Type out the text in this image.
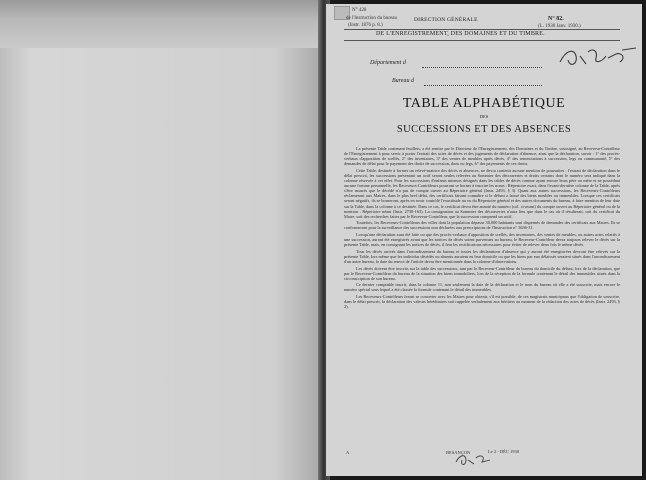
N° 428
de l'Instruction du bureau
(Instr. 1876 p. 8.)
DIRECTION GÉNÉRALE	N° 82.
(L. 1930 Janv. 1930.)
DE L'ENREGISTREMENT, DES DOMAINES ET DU TIMBRE.
Département d
Bureau d
TABLE ALPHABÉTIQUE
DES
SUCCESSIONS ET DES ABSENCES

La présente Table contenant feuillets, a été remise par le Directeur de l'Enregistrement, des Domaines et du Timbre, soussigné, au Receveur-Contrôleur de l'Enregistrement à pour servir à porter l'extrait des actes de décès et des jugements de déclaration d'absence, ainsi que la déclaration, savoir : 1° des procès-verbaux d'apposition de scellés, 2° des inventaires, 3° des ventes de meubles après décès, 4° des renonciations à succession, legs ou communauté, 5° des demandes de délai pour le payement des droits de succession, dons ou legs, 6° des payements de ces droits.

Cette Table, destinée à former un relevé-matrice des décès et absences, ne devra contenir aucune mention de poursuites ; l'extrait de déclaration dans le délai prescrit, les successions présentant un actif seront seules relevées au Sommier des découvertes et droits certains dont le numéro sera indiqué dans la colonne réservée à cet effet. Pour les successions d'enfants mineurs désignés dans les tables de décès comme ayant encore leurs père ou mère et ne possédant aucune fortune personnelle, les Receveurs-Contrôleurs pourront se borner à inscrire les noms : Répertoire exact, dans l'avant-dernière colonne de la Table, après s'être assurés que le décédé n'a pas de compte ouvert au Répertoire général (Instr. 2493, § 3). Quant aux autres successions, les Receveurs-Contrôleurs réclameront aux Maires, dans le plus bref délai, des certificats faisant connaître si le défunt a laissé des biens meubles ou immeubles. Lorsque ces certificats seront négatifs, ils se borneront, après en avoir contrôlé l'exactitude au vu du Répertoire général et des autres documents du bureau, à faire mention de leur date sur la Table, dans la colonne à ce destinée. Dans ce cas, le certificat devra être annoté du numéro (col. ci-avant) du compte ouvert au Répertoire général ou de la mention : Répertoire néant (Instr. 2738-163). La consignation au Sommier des découvertes n'aura lieu que dans le cas où il résulterait, soit du certificat du Maire, soit des recherches faites par le Receveur-Contrôleur, que la succession comprend un actif.

Toutefois, les Receveurs-Contrôleurs des villes dont la population dépasse 30,000 habitants sont dispensés de demander des certificats aux Maires. Ils se conformeront pour la surveillance des successions non déclarées aux prescriptions de l'Instruction n° 3636-31.

Lorsqu'une déclaration aura été faite ou que des procès-verbaux d'apposition de scellés, des inventaires, des ventes de meubles, ou autres actes relatifs à une succession, auront été enregistrés avant que les notices de décès soient parvenues au bureau, le Receveur-Contrôleur devra toujours relever le décès sur la présente Table, mais, en consignant les notices de décès, il fera les rectifications nécessaires pour éviter de relever deux fois le même décès.

Tous les décès arrivés dans l'arrondissement du bureau et toutes les déclarations d'absence qui y auront été enregistrées devront être relevés sur la présente Table, lors même que les individus décédés ou absents auraient eu leur domicile ou que les biens par eux délaissés seraient situés dans l'arrondissement d'un autre bureau, la date du renvoi de l'article devra être mentionnée dans la colonne d'observations.

Les décès doivent être inscrits sur la table des successions, tant par le Receveur-Contrôleur du bureau du domicile du défunt, lors de la déclaration, que par le Receveur-Contrôleur du bureau de la situation des biens immobiliers, lors de la réception de la formule contenant le détail des immeubles situés dans la circonscription de son bureau.

Ce dernier comptable inscrit, dans la colonne 11, non seulement la date de la déclaration et le nom du bureau où elle a été souscrite, mais encore le numéro spécial sous lequel a été classée la formule contenant le détail des immeubles.

Les Receveurs-Contrôleurs feront se concerter avec les Maires pour obtenir, s'il est possible, de ces magistrats municipaux que l'obligation de souscrire, dans le délai prescrit, la déclaration des valeurs héréditaires soit rappelée verbalement aux héritiers au moment de la rédaction des actes de décès (Instr. 2493, § 2).

A	BESANÇON	Le 2 - DÉC 1930
